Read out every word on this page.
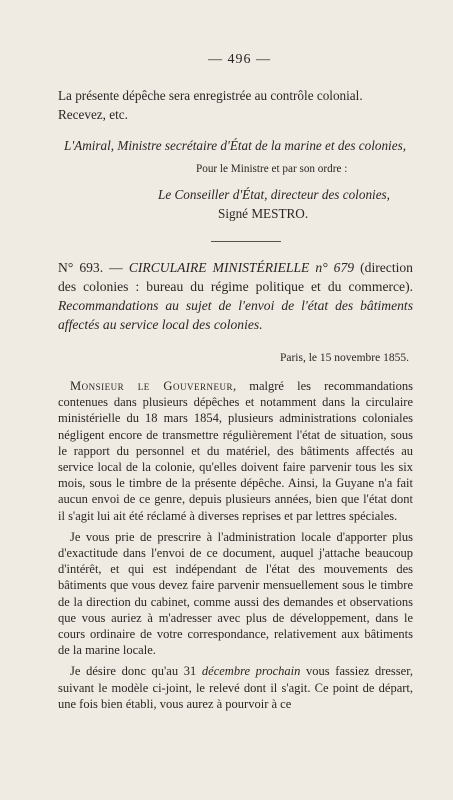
— 496 —

La présente dépêche sera enregistrée au contrôle colonial.

Recevez, etc.

L'Amiral, Ministre secrétaire d'État de la marine et des colonies,

Pour le Ministre et par son ordre :

Le Conseiller d'État, directeur des colonies,

Signé MESTRO.

N° 693. — CIRCULAIRE MINISTÉRIELLE n° 679 (direction des colonies : bureau du régime politique et du commerce). Recommandations au sujet de l'envoi de l'état des bâtiments affectés au service local des colonies.

Paris, le 15 novembre 1855.

Monsieur le Gouverneur, malgré les recommandations contenues dans plusieurs dépêches et notamment dans la circulaire ministérielle du 18 mars 1854, plusieurs administrations coloniales négligent encore de transmettre régulièrement l'état de situation, sous le rapport du personnel et du matériel, des bâtiments affectés au service local de la colonie, qu'elles doivent faire parvenir tous les six mois, sous le timbre de la présente dépêche. Ainsi, la Guyane n'a fait aucun envoi de ce genre, depuis plusieurs années, bien que l'état dont il s'agit lui ait été réclamé à diverses reprises et par lettres spéciales.

Je vous prie de prescrire à l'administration locale d'apporter plus d'exactitude dans l'envoi de ce document, auquel j'attache beaucoup d'intérêt, et qui est indépendant de l'état des mouvements des bâtiments que vous devez faire parvenir mensuellement sous le timbre de la direction du cabinet, comme aussi des demandes et observations que vous auriez à m'adresser avec plus de développement, dans le cours ordinaire de votre correspondance, relativement aux bâtiments de la marine locale.

Je désire donc qu'au 31 décembre prochain vous fassiez dresser, suivant le modèle ci-joint, le relevé dont il s'agit. Ce point de départ, une fois bien établi, vous aurez à pourvoir à ce
